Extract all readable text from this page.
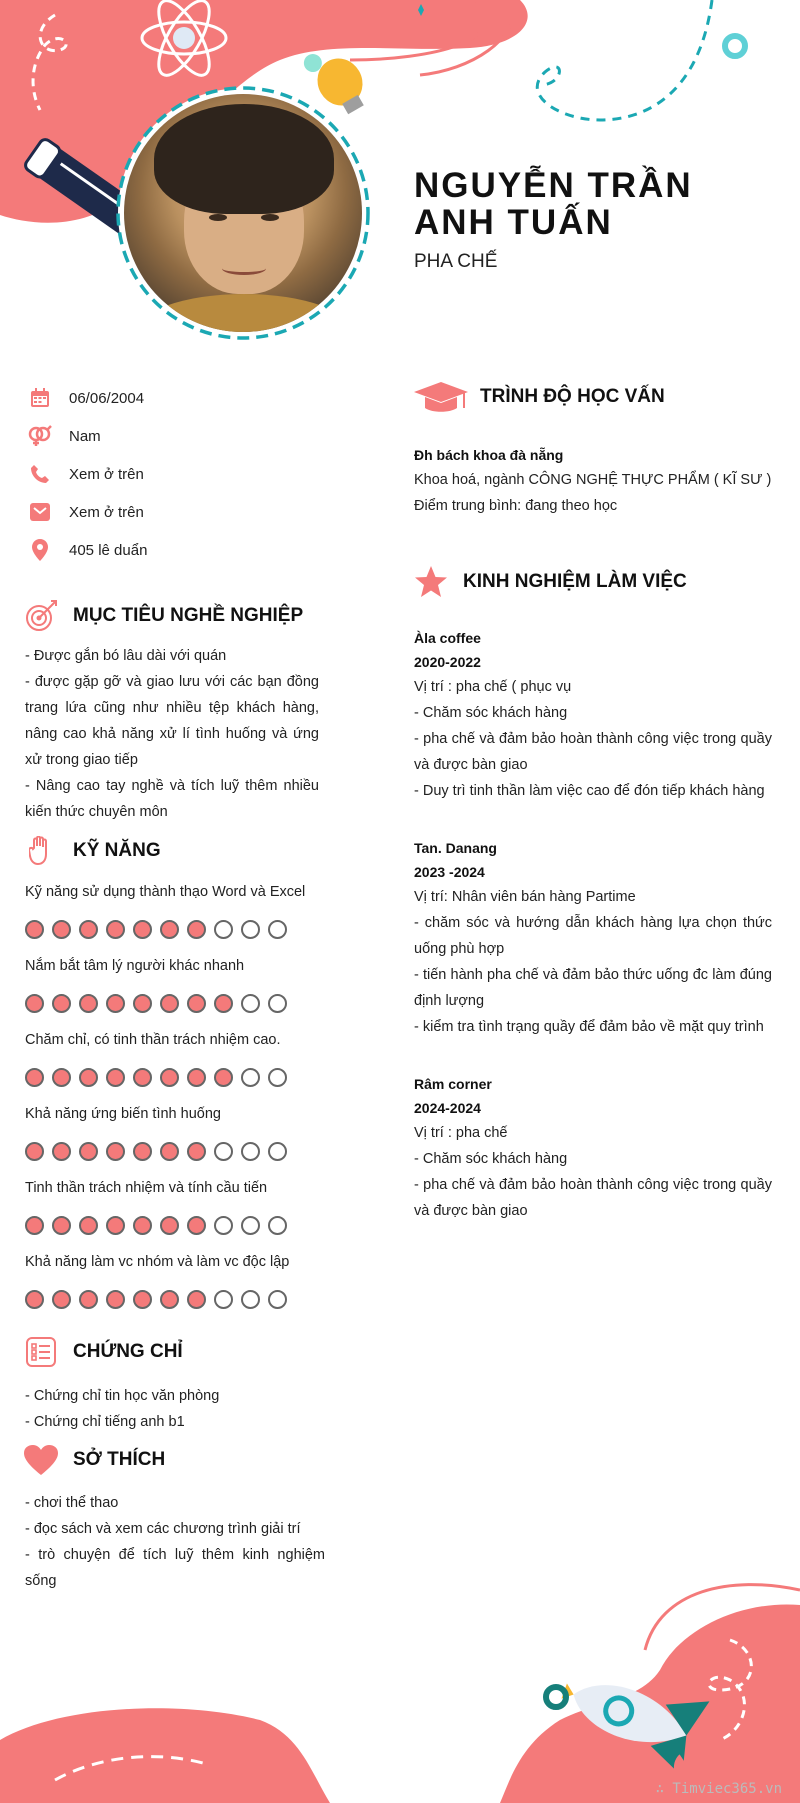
NGUYỄN TRẦN ANH TUẤN
PHA CHẾ
06/06/2004
Nam
Xem ở trên
Xem ở trên
405 lê duẩn
MỤC TIÊU NGHỀ NGHIỆP
- Được gắn bó lâu dài với quán
- được gặp gỡ và giao lưu với các bạn đồng trang lứa cũng như nhiều tệp khách hàng, nâng cao khả năng xử lí tình huống và ứng xử trong giao tiếp
- Nâng cao tay nghề và tích luỹ thêm nhiều kiến thức chuyên môn
KỸ NĂNG
Kỹ năng sử dụng thành thạo Word và Excel
Nắm bắt tâm lý người khác nhanh
Chăm chỉ, có tinh thần trách nhiệm cao.
Khả năng ứng biến tình huống
Tinh thần trách nhiệm và tính cầu tiến
Khả năng làm vc nhóm và làm vc độc lập
CHỨNG CHỈ
- Chứng chỉ tin học văn phòng
- Chứng chỉ tiếng anh b1
SỞ THÍCH
- chơi thể thao
- đọc sách và xem các chương trình giải trí
- trò chuyện để tích luỹ thêm kinh nghiệm sống
TRÌNH ĐỘ HỌC VẤN
Đh bách khoa đà nẵng
Khoa hoá, ngành CÔNG NGHỆ THỰC PHẨM ( KĨ SƯ )
Điểm trung bình: đang theo học
KINH NGHIỆM LÀM VIỆC
Àla coffee
2020-2022
Vị trí : pha chế ( phục vụ
- Chăm sóc khách hàng
- pha chế và đảm bảo hoàn thành công việc trong quầy và được bàn giao
- Duy trì tinh thần làm việc cao để đón tiếp khách hàng
Tan. Danang
2023 -2024
Vị trí: Nhân viên bán hàng Partime
- chăm sóc và hướng dẫn khách hàng lựa chọn thức uống phù hợp
- tiến hành pha chế và đảm bảo thức uống đc làm đúng định lượng
- kiểm tra tình trạng quầy để đảm bảo về mặt quy trình
Râm corner
2024-2024
Vị trí : pha chế
- Chăm sóc khách hàng
- pha chế và đảm bảo hoàn thành công việc trong quầy và được bàn giao
∴ Timviec365.vn
